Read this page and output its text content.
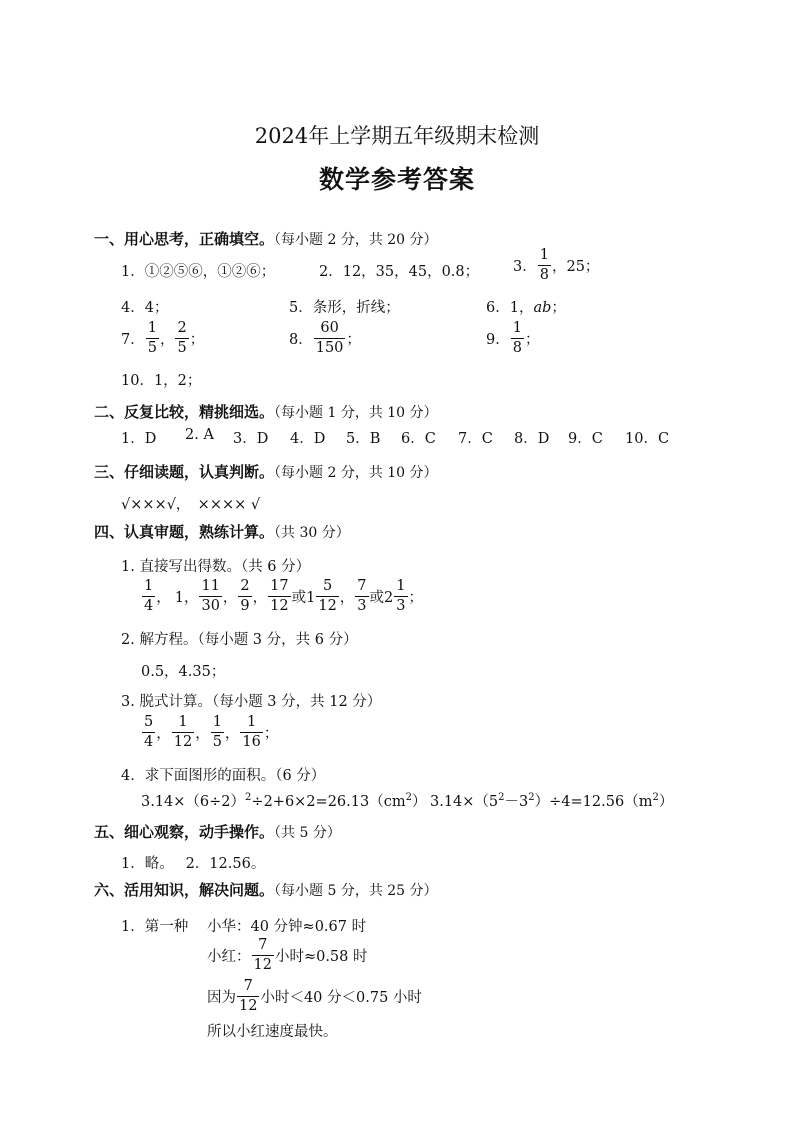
2024年上学期五年级期末检测
数学参考答案
一、用心思考，正确填空。（每小题 2 分，共 20 分）
1．①②⑤⑥，①②⑥；	2．12，35，45，0.8； 3． $\frac{1}{8}$ ，25；
4．4；	5．条形，折线；	6．1，ab；
7． $\frac{1}{5}$ ， $\frac{2}{5}$ ；	8． $\frac{60}{150}$ ；	9． $\frac{1}{8}$ ；
10．1，2；
二、反复比较，精挑细选。（每小题 1 分，共 10 分）
1．D 2. A 3．D 4．D 5．B 6．C 7．C 8．D 9．C 10．C
三、仔细读题，认真判断。（每小题 2 分，共 10 分）
√×××√，　×××× √
四、认真审题，熟练计算。（共 30 分）
1. 直接写出得数。（共 6 分）
$\frac{1}{4}$ ， 1， $\frac{11}{30}$ ， $\frac{2}{9}$ ， $\frac{17}{12}$ 或$1 \frac{5}{12}$ ， $\frac{7}{3}$ 或$2 \frac{1}{3}$ ；
2. 解方程。（每小题 3 分，共 6 分）
0.5，4.35；
3. 脱式计算。（每小题 3 分，共 12 分）
$\frac{5}{4}$ ， $\frac{1}{12}$ ， $\frac{1}{5}$ ， $\frac{1}{16}$ ；
4．求下面图形的面积。（6 分）
$3.14\times(6\div 2)^2\div 2+6\times 2=26.13(cm^2)$ $3.14\times(5^2-3^2)\div 4=12.56(m^2)$
五、细心观察，动手操作。（共 5 分）
1．略。　 2．12.56。
六、活用知识，解决问题。（每小题 5 分，共 25 分）
1．第一种 小华：40 分钟≈0.67 时
小红： $\frac{7}{12}$ 小时≈0.58 时
因为 $\frac{7}{12}$ 小时＜40 分＜0.75 小时
所以小红速度最快。
